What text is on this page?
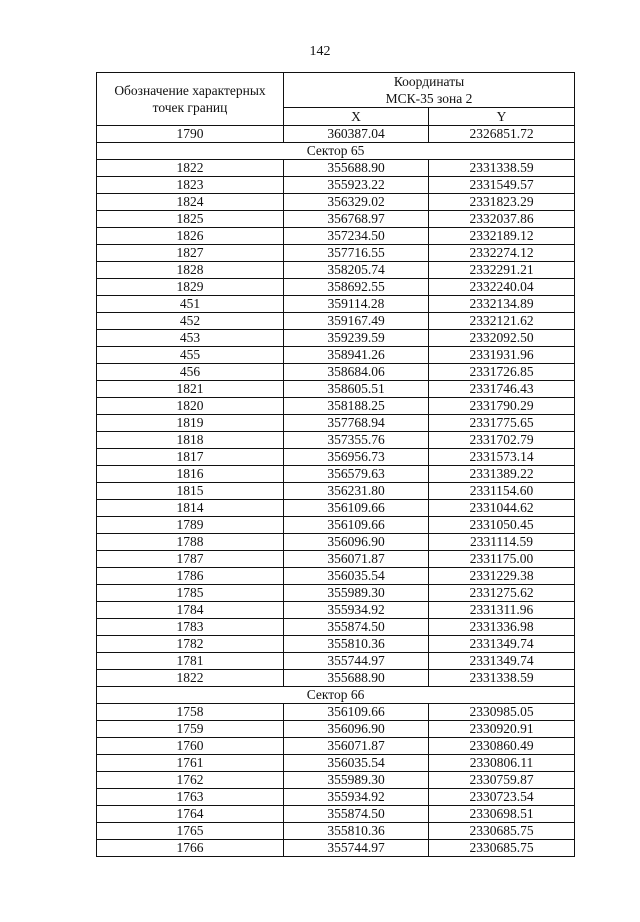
142
Обозначение характерных точек границ	Координаты
МСК-35 зона 2	
	X	Y
1790	360387.04	2326851.72
Сектор 65		
1822	355688.90	2331338.59
1823	355923.22	2331549.57
1824	356329.02	2331823.29
1825	356768.97	2332037.86
1826	357234.50	2332189.12
1827	357716.55	2332274.12
1828	358205.74	2332291.21
1829	358692.55	2332240.04
451	359114.28	2332134.89
452	359167.49	2332121.62
453	359239.59	2332092.50
455	358941.26	2331931.96
456	358684.06	2331726.85
1821	358605.51	2331746.43
1820	358188.25	2331790.29
1819	357768.94	2331775.65
1818	357355.76	2331702.79
1817	356956.73	2331573.14
1816	356579.63	2331389.22
1815	356231.80	2331154.60
1814	356109.66	2331044.62
1789	356109.66	2331050.45
1788	356096.90	2331114.59
1787	356071.87	2331175.00
1786	356035.54	2331229.38
1785	355989.30	2331275.62
1784	355934.92	2331311.96
1783	355874.50	2331336.98
1782	355810.36	2331349.74
1781	355744.97	2331349.74
1822	355688.90	2331338.59
Сектор 66		
1758	356109.66	2330985.05
1759	356096.90	2330920.91
1760	356071.87	2330860.49
1761	356035.54	2330806.11
1762	355989.30	2330759.87
1763	355934.92	2330723.54
1764	355874.50	2330698.51
1765	355810.36	2330685.75
1766	355744.97	2330685.75
